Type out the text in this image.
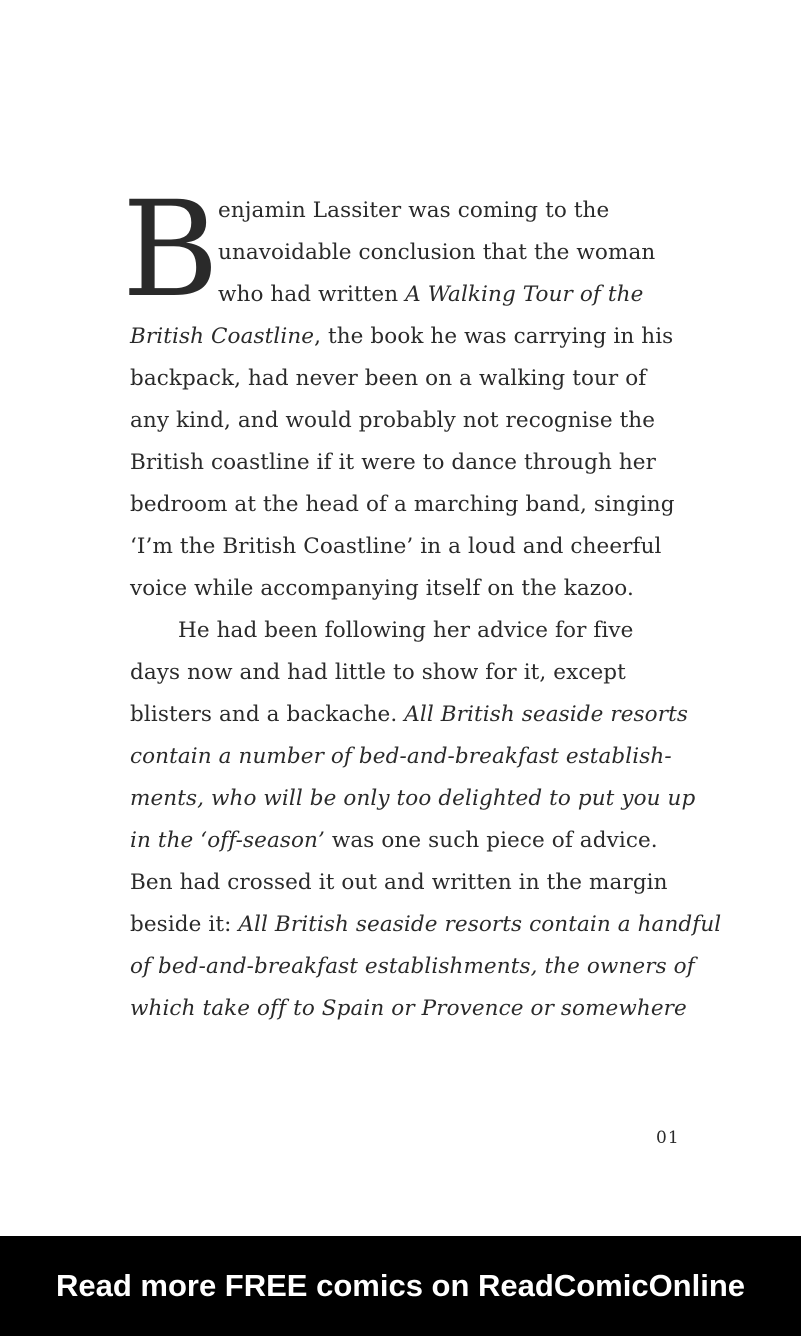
B
enjamin Lassiter was coming to the
unavoidable conclusion that the woman
who had written A Walking Tour of the
British Coastline, the book he was carrying in his
backpack, had never been on a walking tour of
any kind, and would probably not recognise the
British coastline if it were to dance through her
bedroom at the head of a marching band, singing
‘I’m the British Coastline’ in a loud and cheerful
voice while accompanying itself on the kazoo.
He had been following her advice for five
days now and had little to show for it, except
blisters and a backache. All British seaside resorts
contain a number of bed-and-breakfast establish-
ments, who will be only too delighted to put you up
in the ‘off-season’ was one such piece of advice.
Ben had crossed it out and written in the margin
beside it: All British seaside resorts contain a handful
of bed-and-breakfast establishments, the owners of
which take off to Spain or Provence or somewhere
01
Read more FREE comics on ReadComicOnline
